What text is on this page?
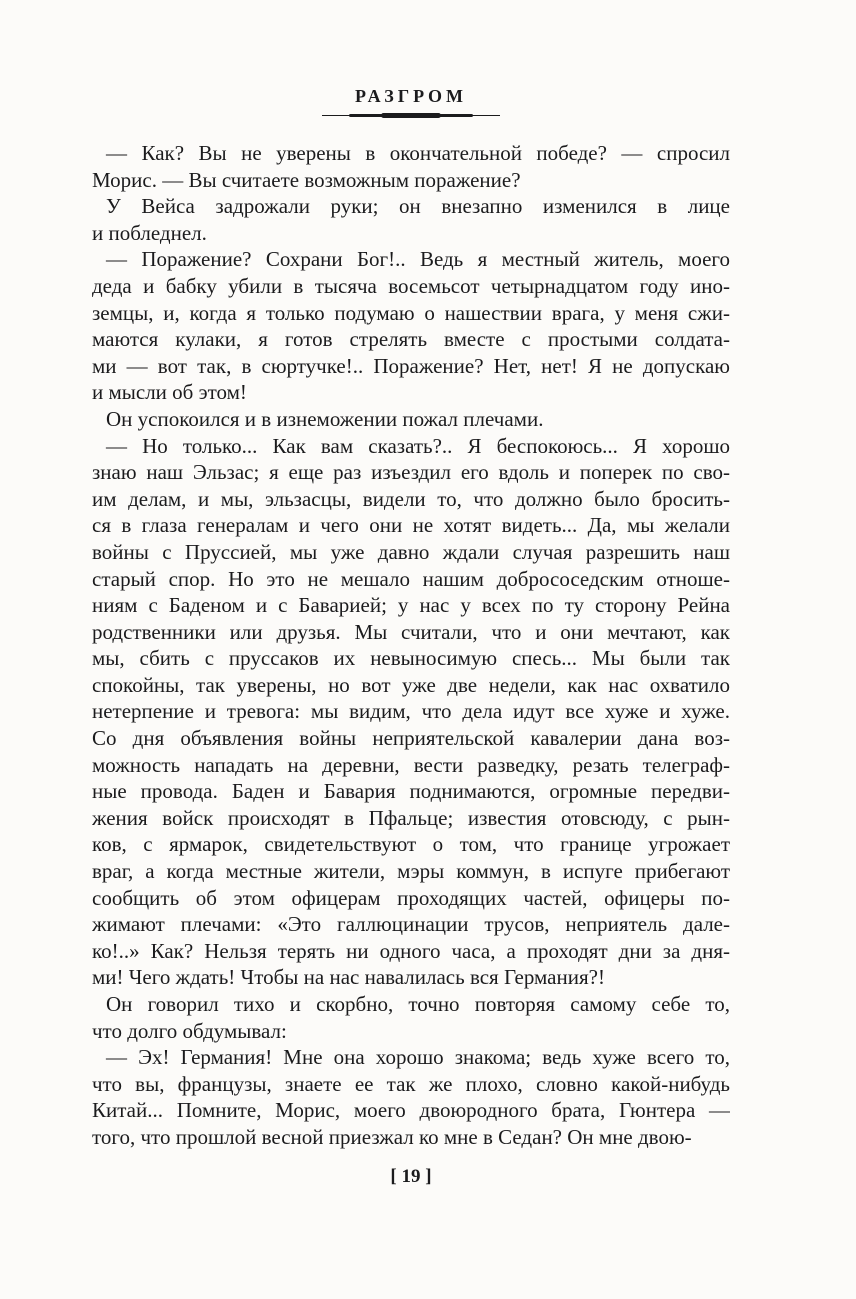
РАЗГРОМ
— Как? Вы не уверены в окончательной победе? — спросил
Морис. — Вы считаете возможным поражение?
У Вейса задрожали руки; он внезапно изменился в лице
и побледнел.
— Поражение? Сохрани Бог!.. Ведь я местный житель, моего
деда и бабку убили в тысяча восемьсот четырнадцатом году ино-
земцы, и, когда я только подумаю о нашествии врага, у меня сжи-
маются кулаки, я готов стрелять вместе с простыми солдата-
ми — вот так, в сюртучке!.. Поражение? Нет, нет! Я не допускаю
и мысли об этом!
Он успокоился и в изнеможении пожал плечами.
— Но только... Как вам сказать?.. Я беспокоюсь... Я хорошо
знаю наш Эльзас; я еще раз изъездил его вдоль и поперек по сво-
им делам, и мы, эльзасцы, видели то, что должно было бросить-
ся в глаза генералам и чего они не хотят видеть... Да, мы желали
войны с Пруссией, мы уже давно ждали случая разрешить наш
старый спор. Но это не мешало нашим добрососедским отноше-
ниям с Баденом и с Баварией; у нас у всех по ту сторону Рейна
родственники или друзья. Мы считали, что и они мечтают, как
мы, сбить с пруссаков их невыносимую спесь... Мы были так
спокойны, так уверены, но вот уже две недели, как нас охватило
нетерпение и тревога: мы видим, что дела идут все хуже и хуже.
Со дня объявления войны неприятельской кавалерии дана воз-
можность нападать на деревни, вести разведку, резать телеграф-
ные провода. Баден и Бавария поднимаются, огромные передви-
жения войск происходят в Пфальце; известия отовсюду, с рын-
ков, с ярмарок, свидетельствуют о том, что границе угрожает
враг, а когда местные жители, мэры коммун, в испуге прибегают
сообщить об этом офицерам проходящих частей, офицеры по-
жимают плечами: «Это галлюцинации трусов, неприятель дале-
ко!..» Как? Нельзя терять ни одного часа, а проходят дни за дня-
ми! Чего ждать! Чтобы на нас навалилась вся Германия?!
Он говорил тихо и скорбно, точно повторяя самому себе то,
что долго обдумывал:
— Эх! Германия! Мне она хорошо знакома; ведь хуже всего то,
что вы, французы, знаете ее так же плохо, словно какой-нибудь
Китай... Помните, Морис, моего двоюродного брата, Гюнтера —
того, что прошлой весной приезжал ко мне в Седан? Он мне двою-
[ 19 ]
